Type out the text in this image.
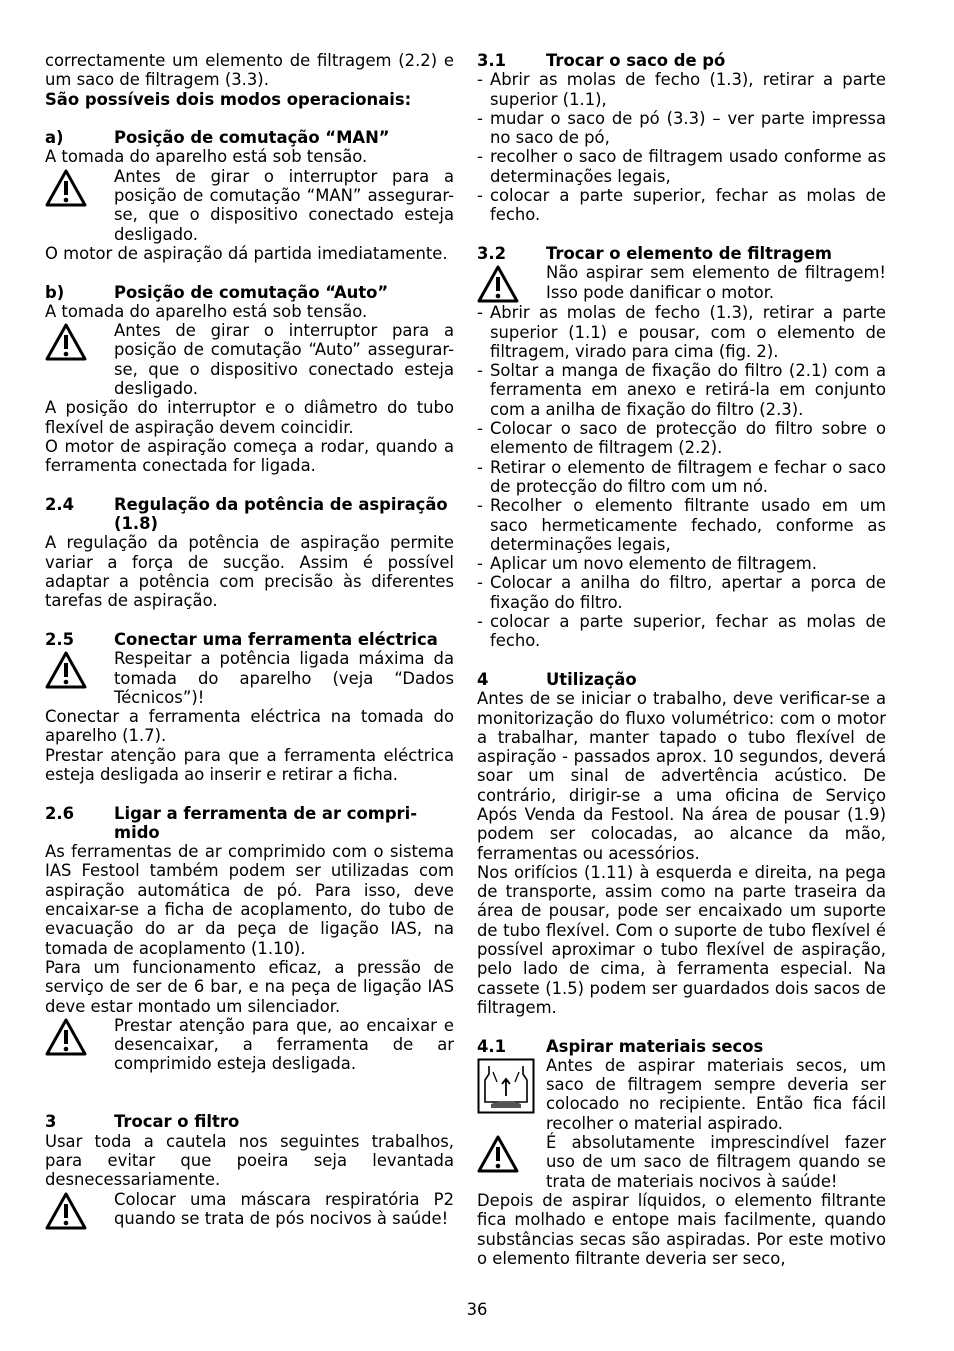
correctamente um elemento de filtragem (2.2) e um saco de filtragem (3.3).

São possíveis dois modos operacionais:

a)	Posição de comutação “MAN”

A tomada do aparelho está sob tensão.

Antes de girar o interruptor para a posição de comutação “MAN” assegurar-se, que o dispositivo conectado esteja desligado.

O motor de aspiração dá partida imediatamente.

b)	Posição de comutação “Auto”

A tomada do aparelho está sob tensão.

Antes de girar o interruptor para a posição de comutação “Auto” assegurar-se, que o dispositivo conectado esteja desligado.

A posição do interruptor e o diâmetro do tubo flexível de aspiração devem coincidir.

O motor de aspiração começa a rodar, quando a ferramenta conectada for ligada.

2.4	Regulação da potência de aspiração (1.8)

A regulação da potência de aspiração permite variar a força de sucção. Assim é possível adaptar a potência com precisão às diferentes tarefas de aspiração.

2.5	Conectar uma ferramenta eléctrica

Respeitar a potência ligada máxima da tomada do aparelho (veja “Dados Técnicos”)!

Conectar a ferramenta eléctrica na tomada do aparelho (1.7).

Prestar atenção para que a ferramenta eléctrica esteja desligada ao inserir e retirar a ficha.

2.6	Ligar a ferramenta de ar compri-mido

As ferramentas de ar comprimido com o sistema IAS Festool também podem ser utilizadas com aspiração automática de pó. Para isso, deve encaixar-se a ficha de acoplamento, do tubo de evacuação do ar da peça de ligação IAS, na tomada de acoplamento (1.10).

Para um funcionamento eficaz, a pressão de serviço de ser de 6 bar, e na peça de ligação IAS deve estar montado um silenciador.

Prestar atenção para que, ao encaixar e desencaixar, a ferramenta de ar comprimido esteja desligada.

3	Trocar o filtro

Usar toda a cautela nos seguintes trabalhos, para evitar que poeira seja levantada desnecessariamente.

Colocar uma máscara respiratória P2 quando se trata de pós nocivos à saúde!

3.1	Trocar o saco de pó
- Abrir as molas de fecho (1.3), retirar a parte superior (1.1),
- mudar o saco de pó (3.3) – ver parte impressa no saco de pó,
- recolher o saco de filtragem usado conforme as determinações legais,
- colocar a parte superior, fechar as molas de fecho.
3.2	Trocar o elemento de filtragem

Não aspirar sem elemento de filtragem! Isso pode danificar o motor.

- Abrir as molas de fecho (1.3), retirar a parte superior (1.1) e pousar, com o elemento de filtragem, virado para cima (fig. 2).
- Soltar a manga de fixação do filtro (2.1) com a ferramenta em anexo e retirá-la em conjunto com a anilha de fixação do filtro (2.3).
- Colocar o saco de protecção do filtro sobre o elemento de filtragem (2.2).
- Retirar o elemento de filtragem e fechar o saco de protecção do filtro com um nó.
- Recolher o elemento filtrante usado em um saco hermeticamente fechado, conforme as determinações legais,
- Aplicar um novo elemento de filtragem.
- Colocar a anilha do filtro, apertar a porca de fixação do filtro.
- colocar a parte superior, fechar as molas de fecho.
4	Utilização

Antes de se iniciar o trabalho, deve verificar-se a monitorização do fluxo volumétrico: com o motor a trabalhar, manter tapado o tubo flexível de aspiração - passados aprox. 10 segundos, deverá soar um sinal de advertência acústico. De contrário, dirigir-se a uma oficina de Serviço Após Venda da Festool. Na área de pousar (1.9) podem ser colocadas, ao alcance da mão, ferramentas ou acessórios.

Nos orifícios (1.11) à esquerda e direita, na pega de transporte, assim como na parte traseira da área de pousar, pode ser encaixado um suporte de tubo flexível. Com o suporte de tubo flexível é possível aproximar o tubo flexível de aspiração, pelo lado de cima, à ferramenta especial. Na cassete (1.5) podem ser guardados dois sacos de filtragem.

4.1	Aspirar materiais secos

Antes de aspirar materiais secos, um saco de filtragem sempre deveria ser colocado no recipiente. Então fica fácil recolher o material aspirado.

É absolutamente imprescindível fazer uso de um saco de filtragem quando se trata de materiais nocivos à saúde!

Depois de aspirar líquidos, o elemento filtrante fica molhado e entope mais facilmente, quando substâncias secas são aspiradas. Por este motivo o elemento filtrante deveria ser seco,

36
